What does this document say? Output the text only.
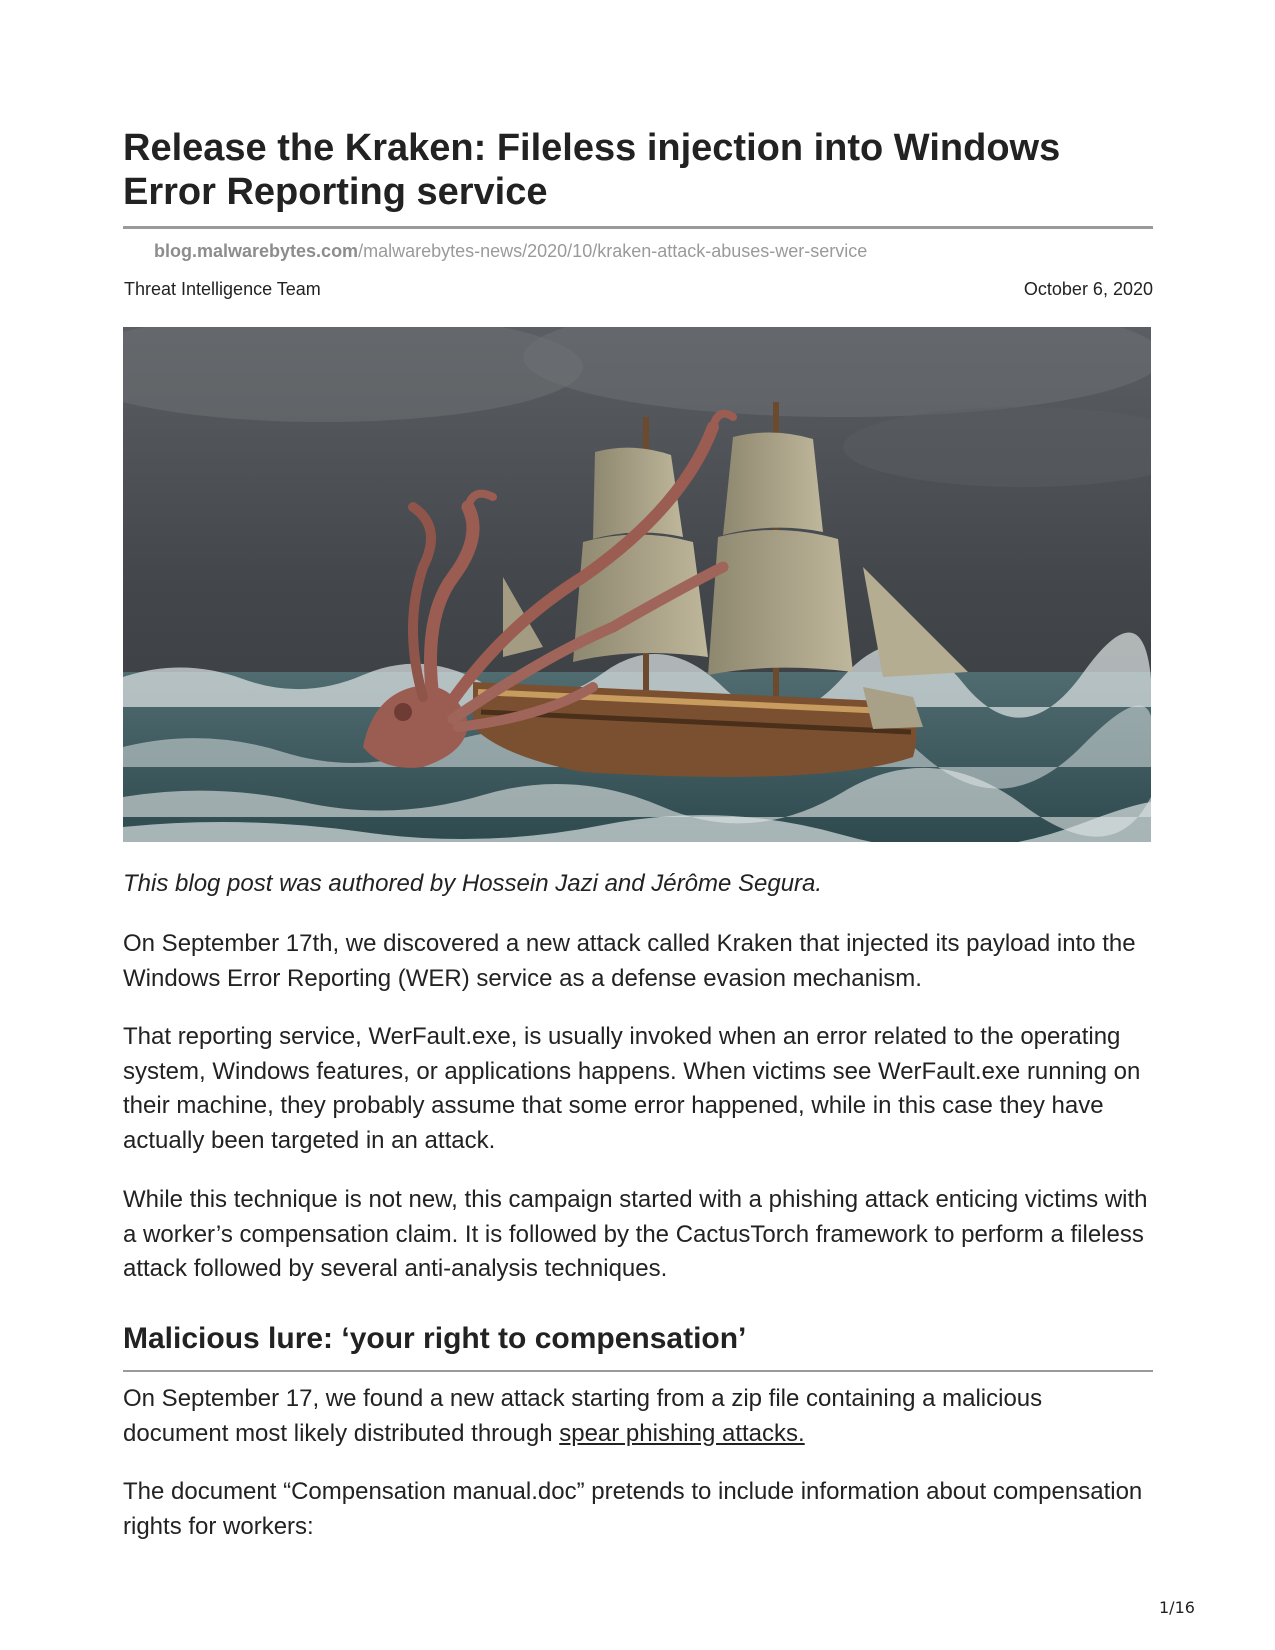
Release the Kraken: Fileless injection into Windows Error Reporting service
blog.malwarebytes.com/malwarebytes-news/2020/10/kraken-attack-abuses-wer-service
Threat Intelligence Team	October 6, 2020
This blog post was authored by Hossein Jazi and Jérôme Segura.

On September 17th, we discovered a new attack called Kraken that injected its payload into the Windows Error Reporting (WER) service as a defense evasion mechanism.

That reporting service, WerFault.exe, is usually invoked when an error related to the operating system, Windows features, or applications happens. When victims see WerFault.exe running on their machine, they probably assume that some error happened, while in this case they have actually been targeted in an attack.

While this technique is not new, this campaign started with a phishing attack enticing victims with a worker’s compensation claim. It is followed by the CactusTorch framework to perform a fileless attack followed by several anti-analysis techniques.

Malicious lure: ‘your right to compensation’

On September 17, we found a new attack starting from a zip file containing a malicious document most likely distributed through spear phishing attacks.

The document “Compensation manual.doc” pretends to include information about compensation rights for workers:

1/16
